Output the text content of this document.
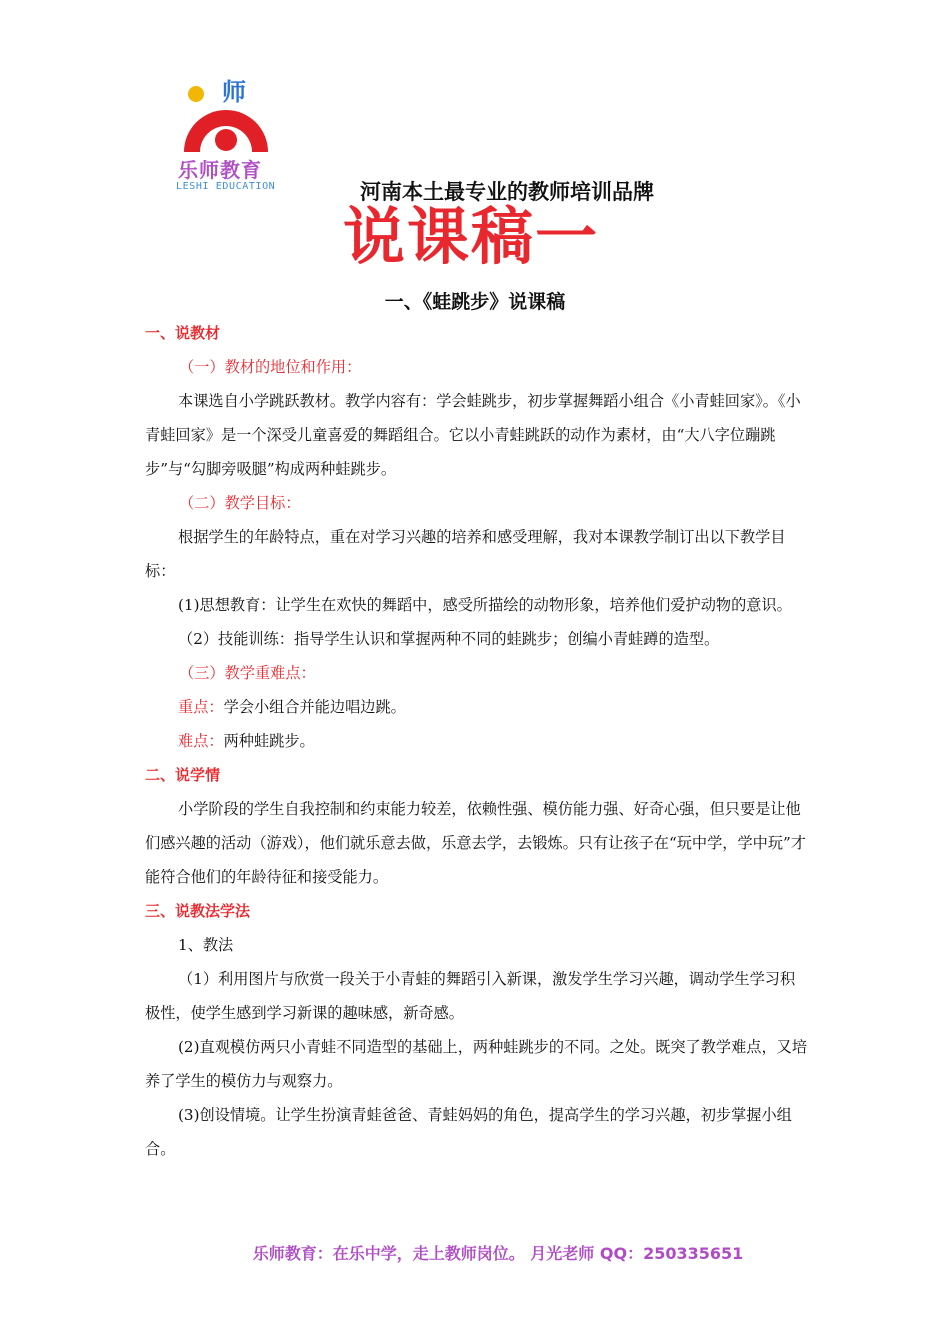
师
乐师教育
LESHI EDUCATION	河南本土最专业的教师培训品牌
说课稿一
一、《蛙跳步》说课稿

一、说教材

（一）教材的地位和作用：

本课选自小学跳跃教材。教学内容有：学会蛙跳步，初步掌握舞蹈小组合《小青蛙回家》。《小青蛙回家》是一个深受儿童喜爱的舞蹈组合。它以小青蛙跳跃的动作为素材，由“大八字位蹦跳步”与“勾脚旁吸腿”构成两种蛙跳步。

（二）教学目标：

根据学生的年龄特点，重在对学习兴趣的培养和感受理解，我对本课教学制订出以下教学目标：

(1)思想教育：让学生在欢快的舞蹈中，感受所描绘的动物形象，培养他们爱护动物的意识。

（2）技能训练：指导学生认识和掌握两种不同的蛙跳步；创编小青蛙蹲的造型。

（三）教学重难点：

重点：学会小组合并能边唱边跳。

难点：两种蛙跳步。

二、说学情

小学阶段的学生自我控制和约束能力较差，依赖性强、模仿能力强、好奇心强，但只要是让他们感兴趣的活动（游戏），他们就乐意去做，乐意去学，去锻炼。只有让孩子在“玩中学，学中玩”才能符合他们的年龄待征和接受能力。

三、说教法学法

1、教法

（1）利用图片与欣赏一段关于小青蛙的舞蹈引入新课，激发学生学习兴趣，调动学生学习积极性，使学生感到学习新课的趣味感，新奇感。

(2)直观模仿两只小青蛙不同造型的基础上，两种蛙跳步的不同。之处。既突了教学难点，又培养了学生的模仿力与观察力。

(3)创设情境。让学生扮演青蛙爸爸、青蛙妈妈的角色，提高学生的学习兴趣，初步掌握小组合。

乐师教育：在乐中学，走上教师岗位。 月光老师 QQ：250335651
